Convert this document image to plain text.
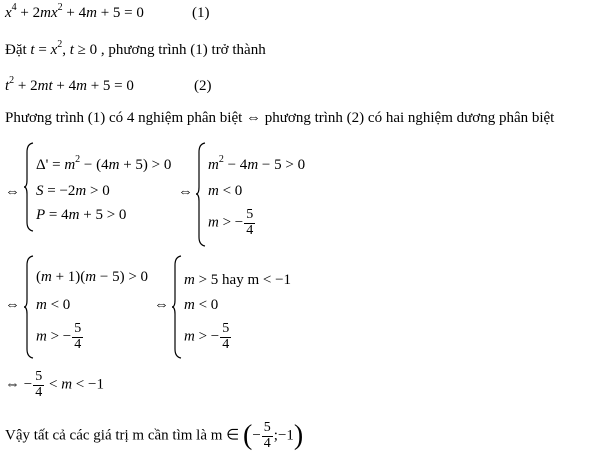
$x^4 + 2mx^2 + 4m + 5 = 0$	(1)
Đặt $t = x^2$, t ≥ 0 , phương trình (1) trở thành
$t^2 + 2mt + 4m + 5 = 0$	(2)
Phương trình (1) có 4 nghiệm phân biệt ⇔ phương trình (2) có hai nghiệm dương phân biệt
⇔
$\Delta' = m^2 - (4m + 5) > 0$
S = −2m > 0
P = 4m + 5 > 0
⇔
$m^2 - 4m - 5 > 0$
m < 0
m > − $\frac{5}{4}$
⇔
(m + 1)(m − 5) > 0
m < 0
m > − $\frac{5}{4}$
⇔
m > 5 hay m < −1
m < 0
m > − $\frac{5}{4}$
⇔ − $\frac{5}{4} < m < -1$
Vậy tất cả các giá trị m cần tìm là m ∈ (− $\frac{5}{4}$ ;−1)
